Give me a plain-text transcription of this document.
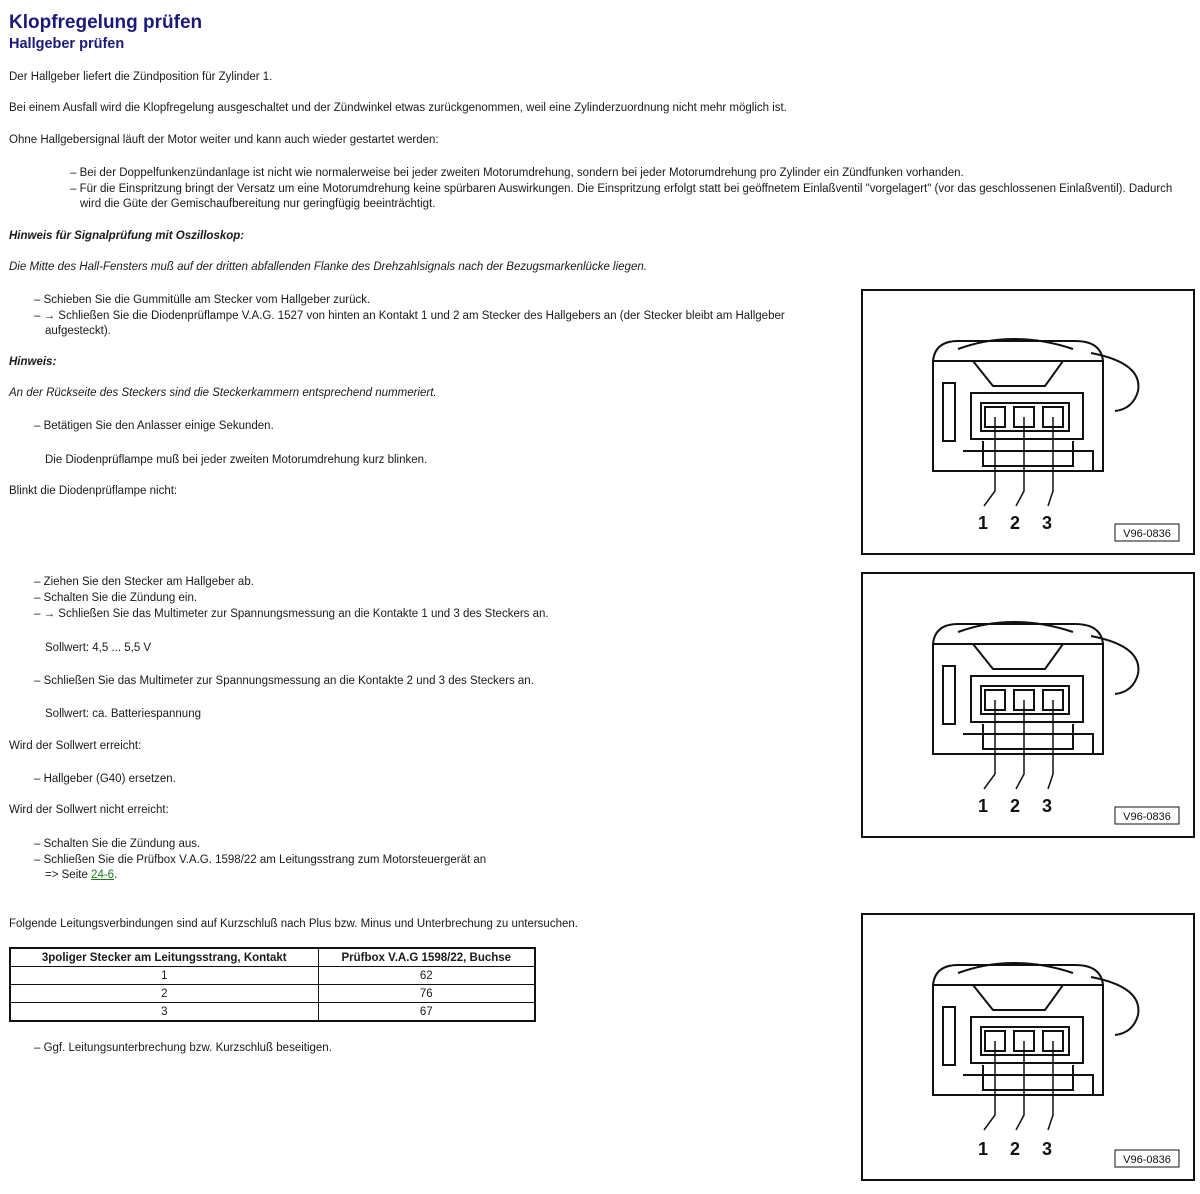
Klopfregelung prüfen
Hallgeber prüfen
Der Hallgeber liefert die Zündposition für Zylinder 1.
Bei einem Ausfall wird die Klopfregelung ausgeschaltet und der Zündwinkel etwas zurückgenommen, weil eine Zylinderzuordnung nicht mehr möglich ist.
Ohne Hallgebersignal läuft der Motor weiter und kann auch wieder gestartet werden:
– Bei der Doppelfunkenzündanlage ist nicht wie normalerweise bei jeder zweiten Motorumdrehung, sondern bei jeder Motorumdrehung pro Zylinder ein Zündfunken vorhanden.
– Für die Einspritzung bringt der Versatz um eine Motorumdrehung keine spürbaren Auswirkungen. Die Einspritzung erfolgt statt bei geöffnetem Einlaßventil "vorgelagert" (vor das geschlossenen Einlaßventil). Dadurch
wird die Güte der Gemischaufbereitung nur geringfügig beeinträchtigt.
Hinweis für Signalprüfung mit Oszilloskop:
Die Mitte des Hall-Fensters muß auf der dritten abfallenden Flanke des Drehzahlsignals nach der Bezugsmarkenlücke liegen.
– Schieben Sie die Gummitülle am Stecker vom Hallgeber zurück.
– → Schließen Sie die Diodenprüflampe V.A.G. 1527 von hinten an Kontakt 1 und 2 am Stecker des Hallgebers an (der Stecker bleibt am Hallgeber
aufgesteckt).
Hinweis:
An der Rückseite des Steckers sind die Steckerkammern entsprechend nummeriert.
– Betätigen Sie den Anlasser einige Sekunden.
Die Diodenprüflampe muß bei jeder zweiten Motorumdrehung kurz blinken.
Blinkt die Diodenprüflampe nicht:
– Ziehen Sie den Stecker am Hallgeber ab.
– Schalten Sie die Zündung ein.
– → Schließen Sie das Multimeter zur Spannungsmessung an die Kontakte 1 und 3 des Steckers an.
Sollwert: 4,5 ... 5,5 V
– Schließen Sie das Multimeter zur Spannungsmessung an die Kontakte 2 und 3 des Steckers an.
Sollwert: ca. Batteriespannung
Wird der Sollwert erreicht:
– Hallgeber (G40) ersetzen.
Wird der Sollwert nicht erreicht:
– Schalten Sie die Zündung aus.
– Schließen Sie die Prüfbox V.A.G. 1598/22 am Leitungsstrang zum Motorsteuergerät an
=> Seite 24-6.
Folgende Leitungsverbindungen sind auf Kurzschluß nach Plus bzw. Minus und Unterbrechung zu untersuchen.
3poliger Stecker am Leitungsstrang, Kontakt	Prüfbox V.A.G 1598/22, Buchse
1	62
2	76
3	67
– Ggf. Leitungsunterbrechung bzw. Kurzschluß beseitigen.
1 2 3
V96-0836
1 2 3
V96-0836
1 2 3
V96-0836
